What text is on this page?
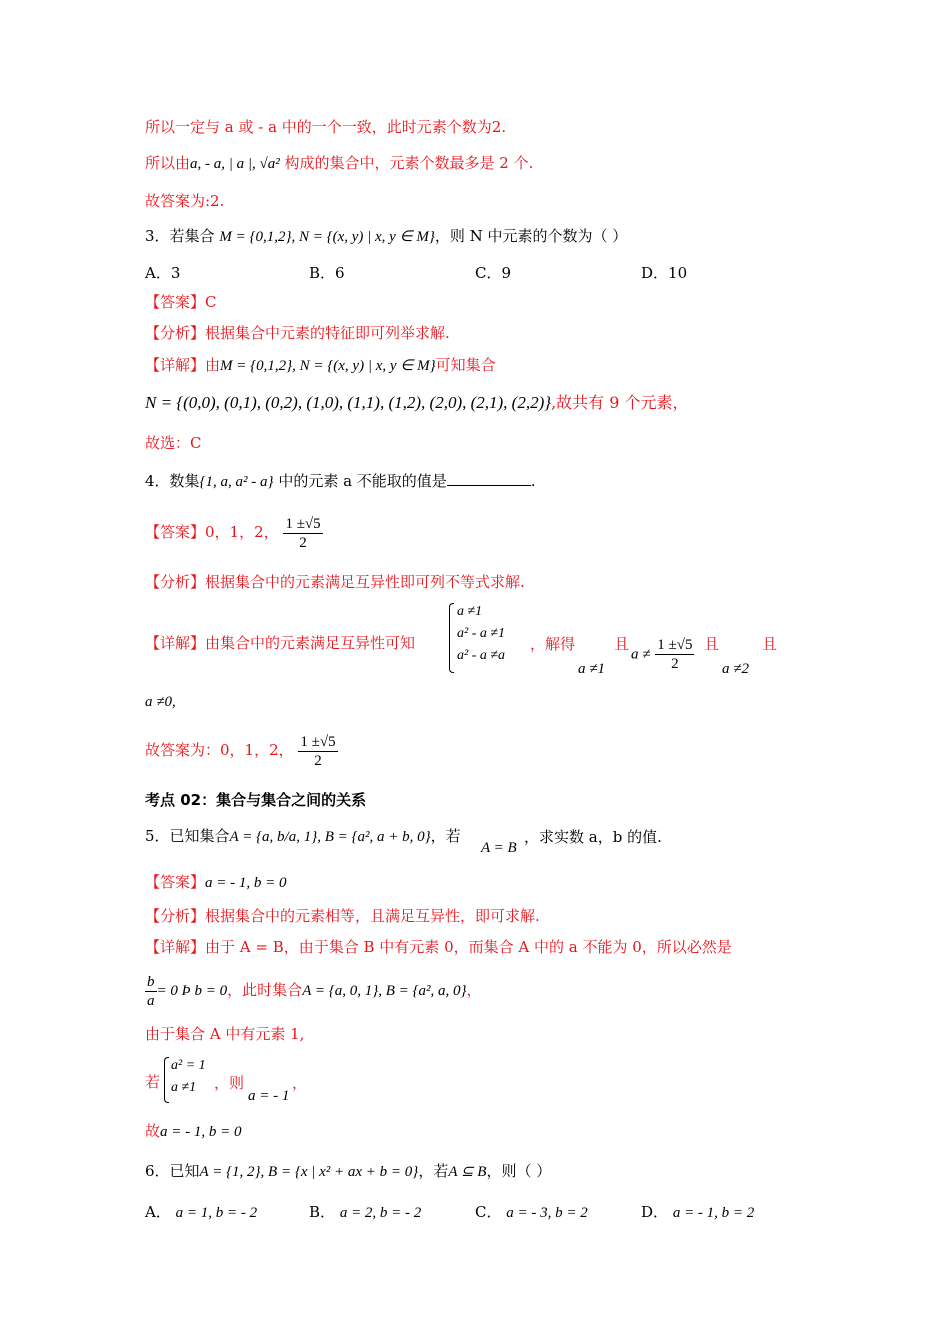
所以一定与 a 或 - a 中的一个一致，此时元素个数为2.
所以由a, - a, | a |, √a² 构成的集合中，元素个数最多是 2 个.
故答案为:2.
3．若集合 M = {0,1,2}, N = {(x, y) | x, y ∈ M}，则 N 中元素的个数为（ ）
A．3	B．6	C．9	D．10
【答案】C
【分析】根据集合中元素的特征即可列举求解.
【详解】由M = {0,1,2}, N = {(x, y) | x, y ∈ M}可知集合
N = {(0,0), (0,1), (0,2), (1,0), (1,1), (1,2), (2,0), (2,1), (2,2)},故共有 9 个元素，
故选：C
4．数集{1, a, a² - a} 中的元素 a 不能取的值是	.
【答案】0，1，2， $\frac{1 \pm√5}{2}$
【分析】根据集合中的元素满足互异性即可列不等式求解.
【详解】由集合中的元素满足互异性可知
a ≠1
a² - a ≠1
a² - a ≠a
，解得	且	且	且
a ≠1
$a \ne \frac{1 \pm√5}{2}$ a ≠2
a ≠0,
故答案为：0，1，2， $\frac{1 \pm√5}{2}$
考点 02：集合与集合之间的关系
5．已知集合A = {a, b/a, 1}, B = {a², a + b, 0}，若
A = B
，求实数 a，b 的值.
【答案】a = - 1, b = 0
【分析】根据集合中的元素相等，且满足互异性，即可求解.
【详解】由于 A = B，由于集合 B 中有元素 0，而集合 A 中的 a 不能为 0，所以必然是
$\frac{b}{a} = 0$ Þ b = 0，此时集合A = {a, 0, 1}, B = {a², a, 0}，
由于集合 A 中有元素 1,
若
a² = 1
a ≠1	，则
a = - 1
，
故a = - 1, b = 0
6．已知A = {1, 2}, B = {x | x² + ax + b = 0}，若A ⊆ B，则（ ）
A． a = 1, b = - 2	B． a = 2, b = - 2	C． a = - 3, b = 2	D． a = - 1, b = 2
